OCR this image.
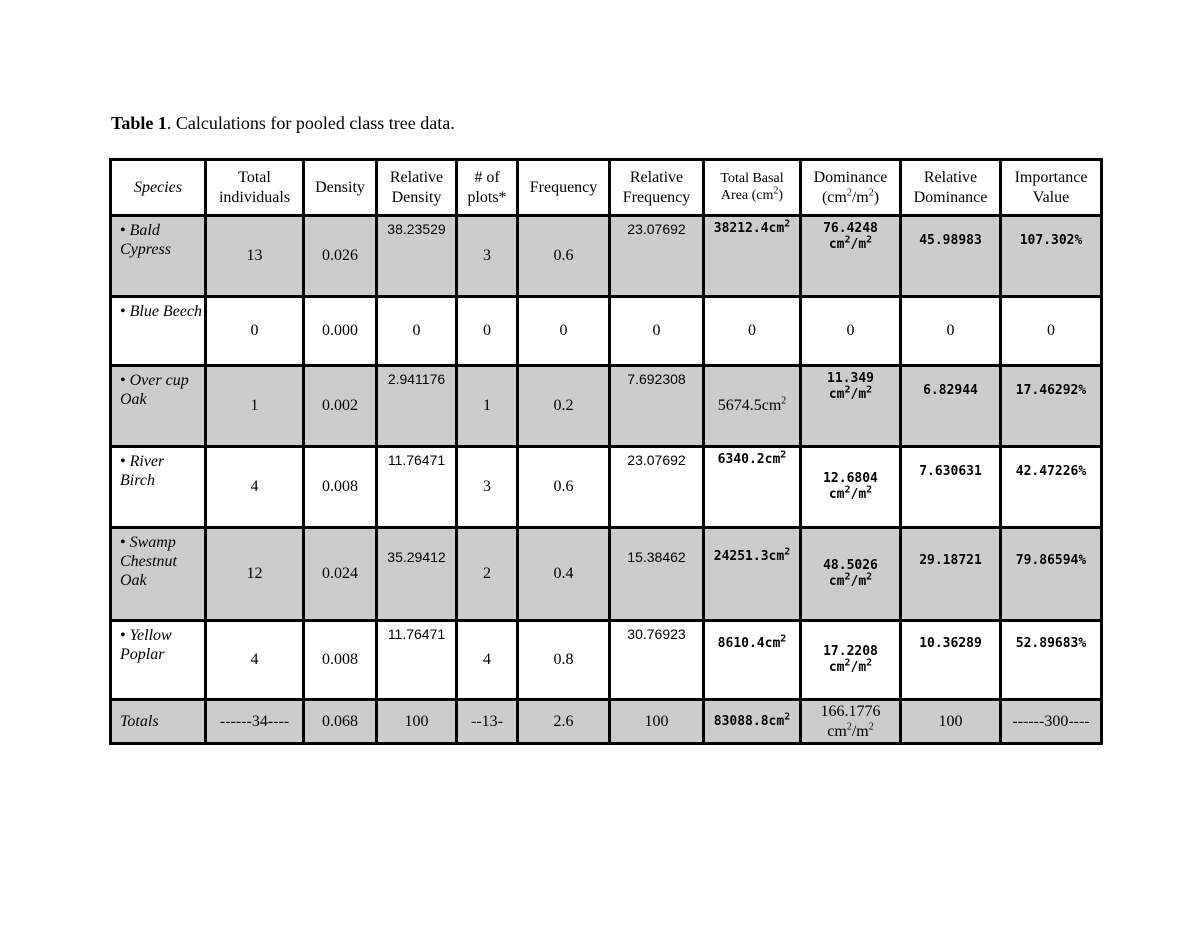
Table 1. Calculations for pooled class tree data.
Species	Total individuals	Density	Relative Density	# of plots*	Frequency	Relative Frequency	Total Basal Area $(cm^2)$	Dominance $(cm^2/m^2)$	Relative Dominance	Importance Value
• Bald Cypress	13	0.026	38.23529	3	0.6	23.07692	$38212.4cm^2$	76.4248 $cm^2/m^2$	45.98983	107.302%
• Blue Beech	0	0.000	0	0	0	0	0	0	0	0
• Over cup Oak	1	0.002	2.941176	1	0.2	7.692308	$5674.5cm^2$	11.349 $cm^2/m^2$	6.82944	17.46292%
• River Birch	4	0.008	11.76471	3	0.6	23.07692	$6340.2cm^2$	12.6804 $cm^2/m^2$	7.630631	42.47226%
• Swamp Chestnut Oak	12	0.024	35.29412	2	0.4	15.38462	$24251.3cm^2$	48.5026 $cm^2/m^2$	29.18721	79.86594%
• Yellow Poplar	4	0.008	11.76471	4	0.8	30.76923	$8610.4cm^2$	17.2208 $cm^2/m^2$	10.36289	52.89683%
Totals	------34----	0.068	100	--13-	2.6	100	$83088.8cm^2$	166.1776 $cm^2/m^2$	100	------300----
